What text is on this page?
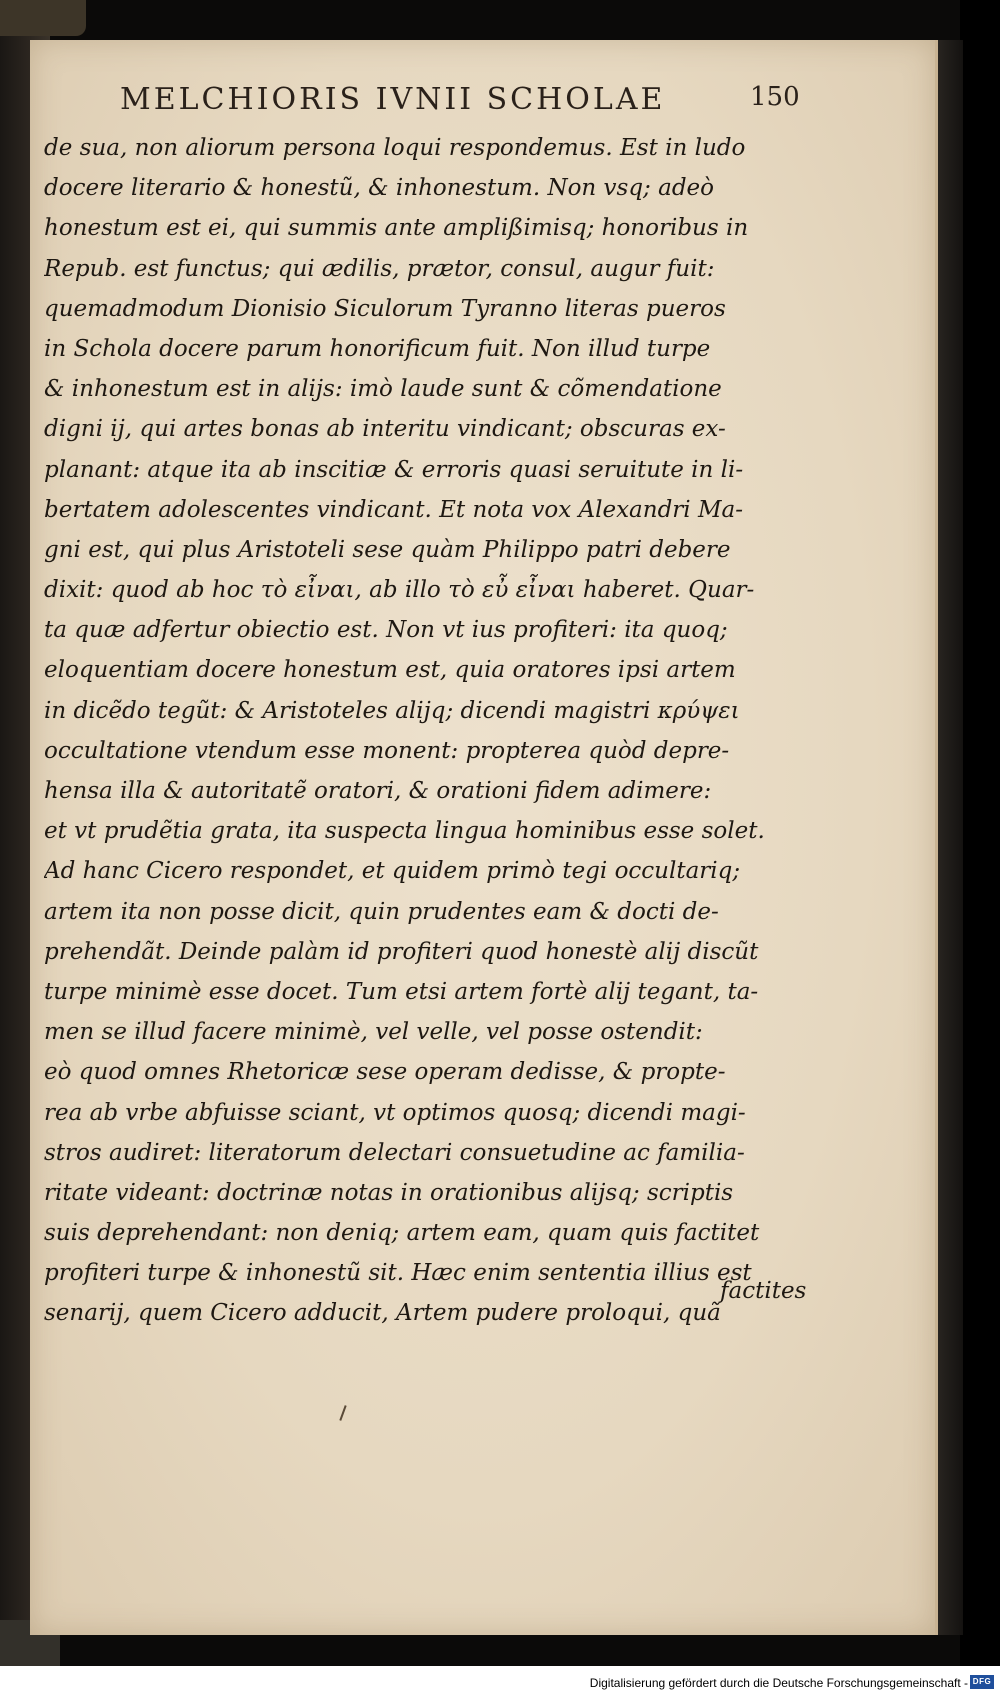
MELCHIORIS IVNII SCHOLAE	150
de sua, non aliorum persona loqui respondemus. Est in ludo
docere literario & honestũ, & inhonestum. Non vsq; adeò
honestum est ei, qui summis ante amplißimisq; honoribus in
Repub. est functus; qui ædilis, prætor, consul, augur fuit:
quemadmodum Dionisio Siculorum Tyranno literas pueros
in Schola docere parum honorificum fuit. Non illud turpe
& inhonestum est in alijs: imò laude sunt & cõmendatione
digni ij, qui artes bonas ab interitu vindicant; obscuras ex-
planant: atque ita ab inscitiæ & erroris quasi seruitute in li-
bertatem adolescentes vindicant. Et nota vox Alexandri Ma-
gni est, qui plus Aristoteli sese quàm Philippo patri debere
dixit: quod ab hoc τὸ εἶναι, ab illo τὸ εὖ εἶναι haberet. Quar-
ta quæ adfertur obiectio est. Non vt ius profiteri: ita quoq;
eloquentiam docere honestum est, quia oratores ipsi artem
in dicẽdo tegũt: & Aristoteles alijq; dicendi magistri κρύψει
occultatione vtendum esse monent: propterea quòd depre-
hensa illa & autoritatẽ oratori, & orationi fidem adimere:
et vt prudẽtia grata, ita suspecta lingua hominibus esse solet.
Ad hanc Cicero respondet, et quidem primò tegi occultariq;
artem ita non posse dicit, quin prudentes eam & docti de-
prehendãt. Deinde palàm id profiteri quod honestè alij discũt
turpe minimè esse docet. Tum etsi artem fortè alij tegant, ta-
men se illud facere minimè, vel velle, vel posse ostendit:
eò quod omnes Rhetoricæ sese operam dedisse, & propte-
rea ab vrbe abfuisse sciant, vt optimos quosq; dicendi magi-
stros audiret: literatorum delectari consuetudine ac familia-
ritate videant: doctrinæ notas in orationibus alijsq; scriptis
suis deprehendant: non deniq; artem eam, quam quis factitet
profiteri turpe & inhonestũ sit. Hæc enim sententia illius est
senarij, quem Cicero adducit, Artem pudere proloqui, quã
factites
Digitalisierung gefördert durch die Deutsche Forschungsgemeinschaft - DFG
